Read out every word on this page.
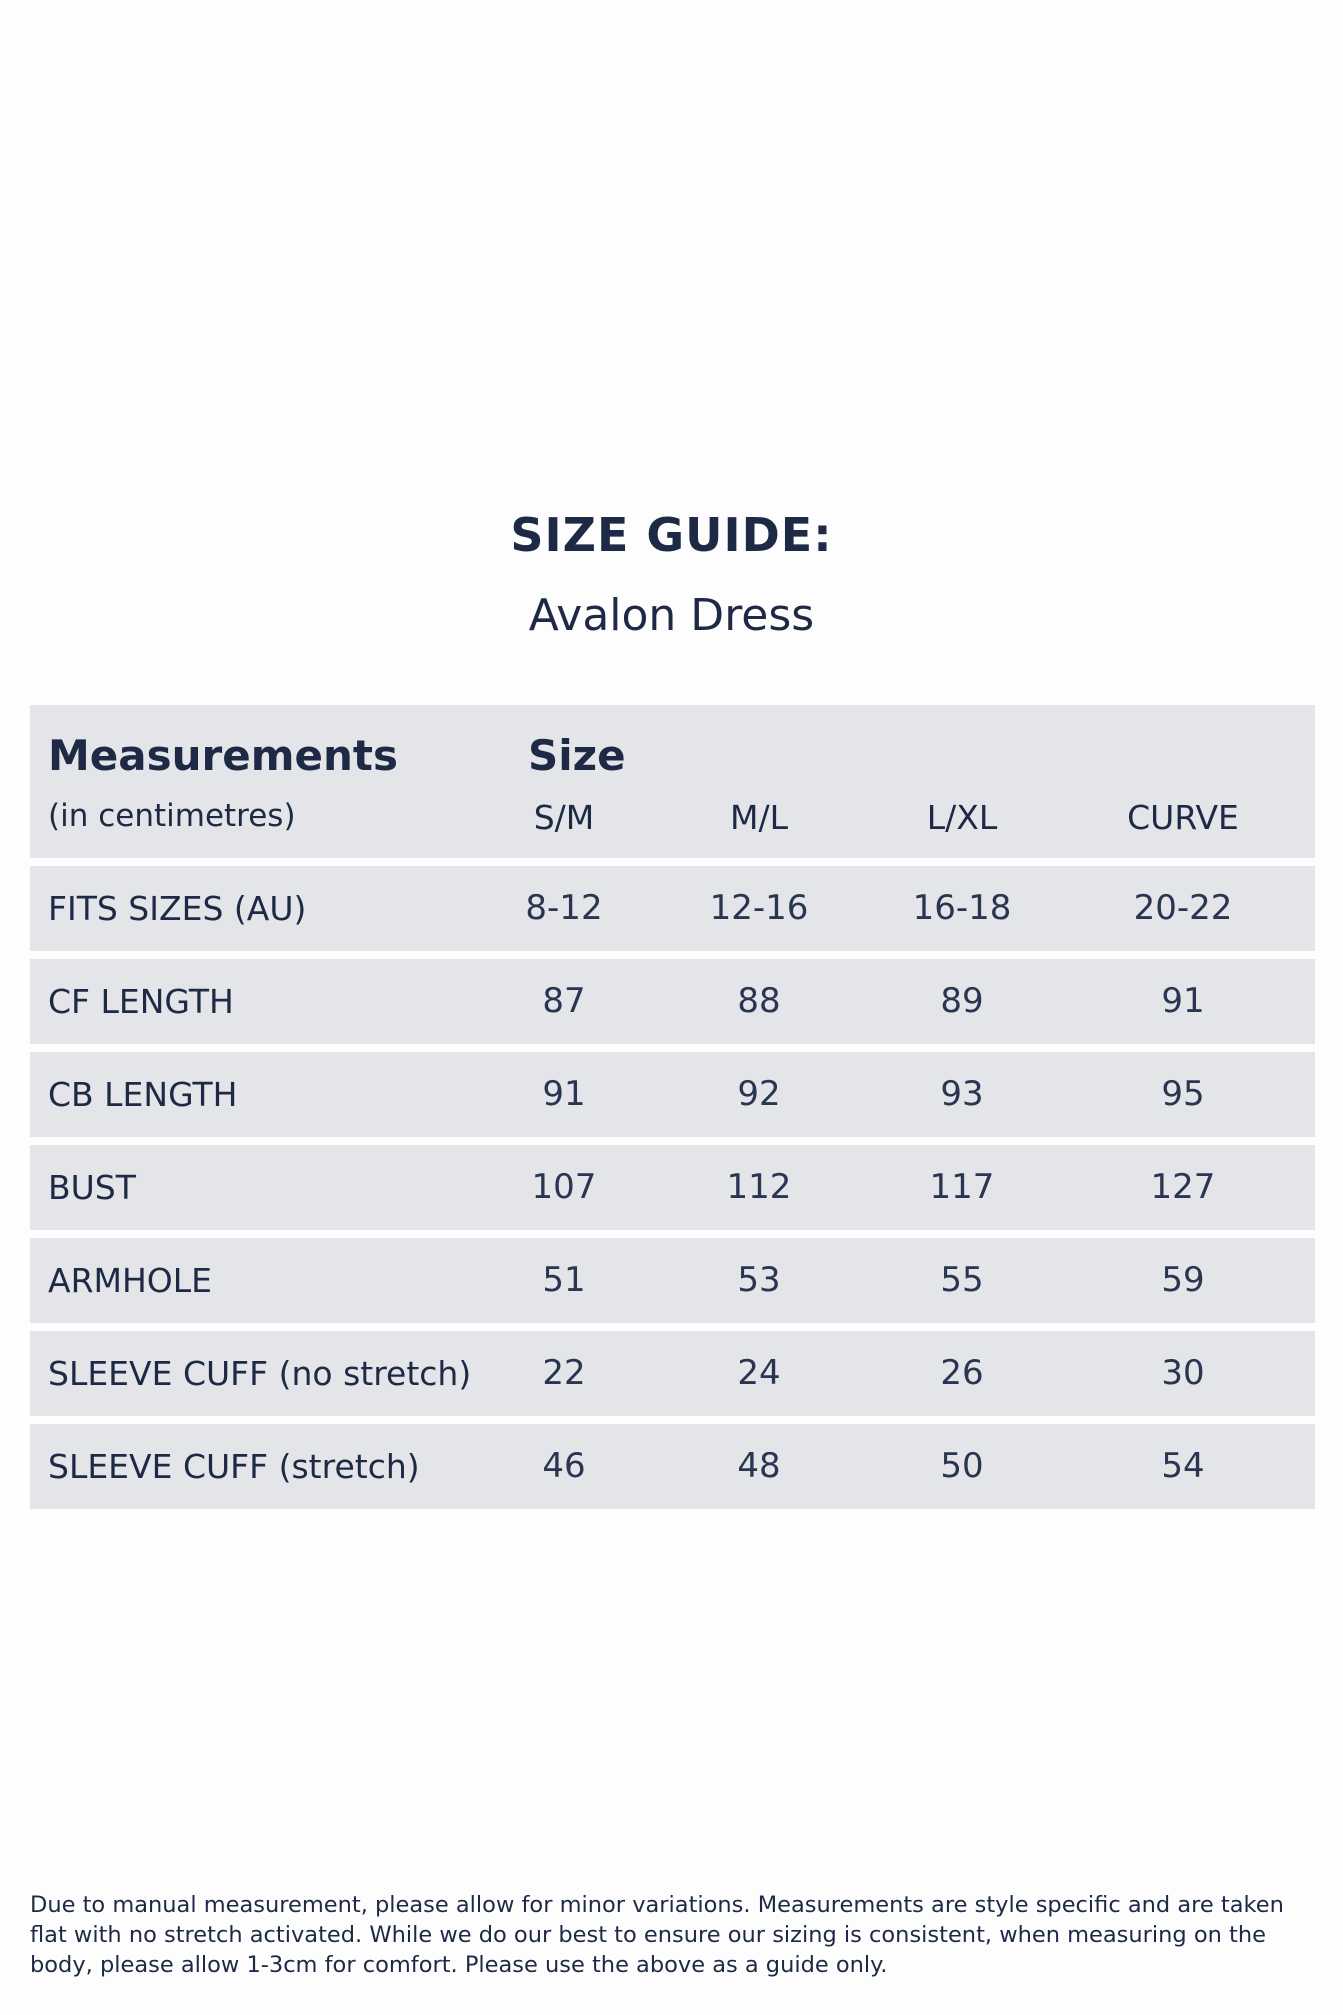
SIZE GUIDE:
Avalon Dress
Measurements
(in centimetres)
Size
S/M	M/L	L/XL	CURVE
FITS SIZES (AU)	8-12	12-16	16-18	20-22
CF LENGTH	87	88	89	91
CB LENGTH	91	92	93	95
BUST	107	112	117	127
ARMHOLE	51	53	55	59
SLEEVE CUFF (no stretch)	22	24	26	30
SLEEVE CUFF (stretch)	46	48	50	54

Due to manual measurement, please allow for minor variations. Measurements are style specific and are taken flat with no stretch activated. While we do our best to ensure our sizing is consistent, when measuring on the body, please allow 1-3cm for comfort. Please use the above as a guide only.
